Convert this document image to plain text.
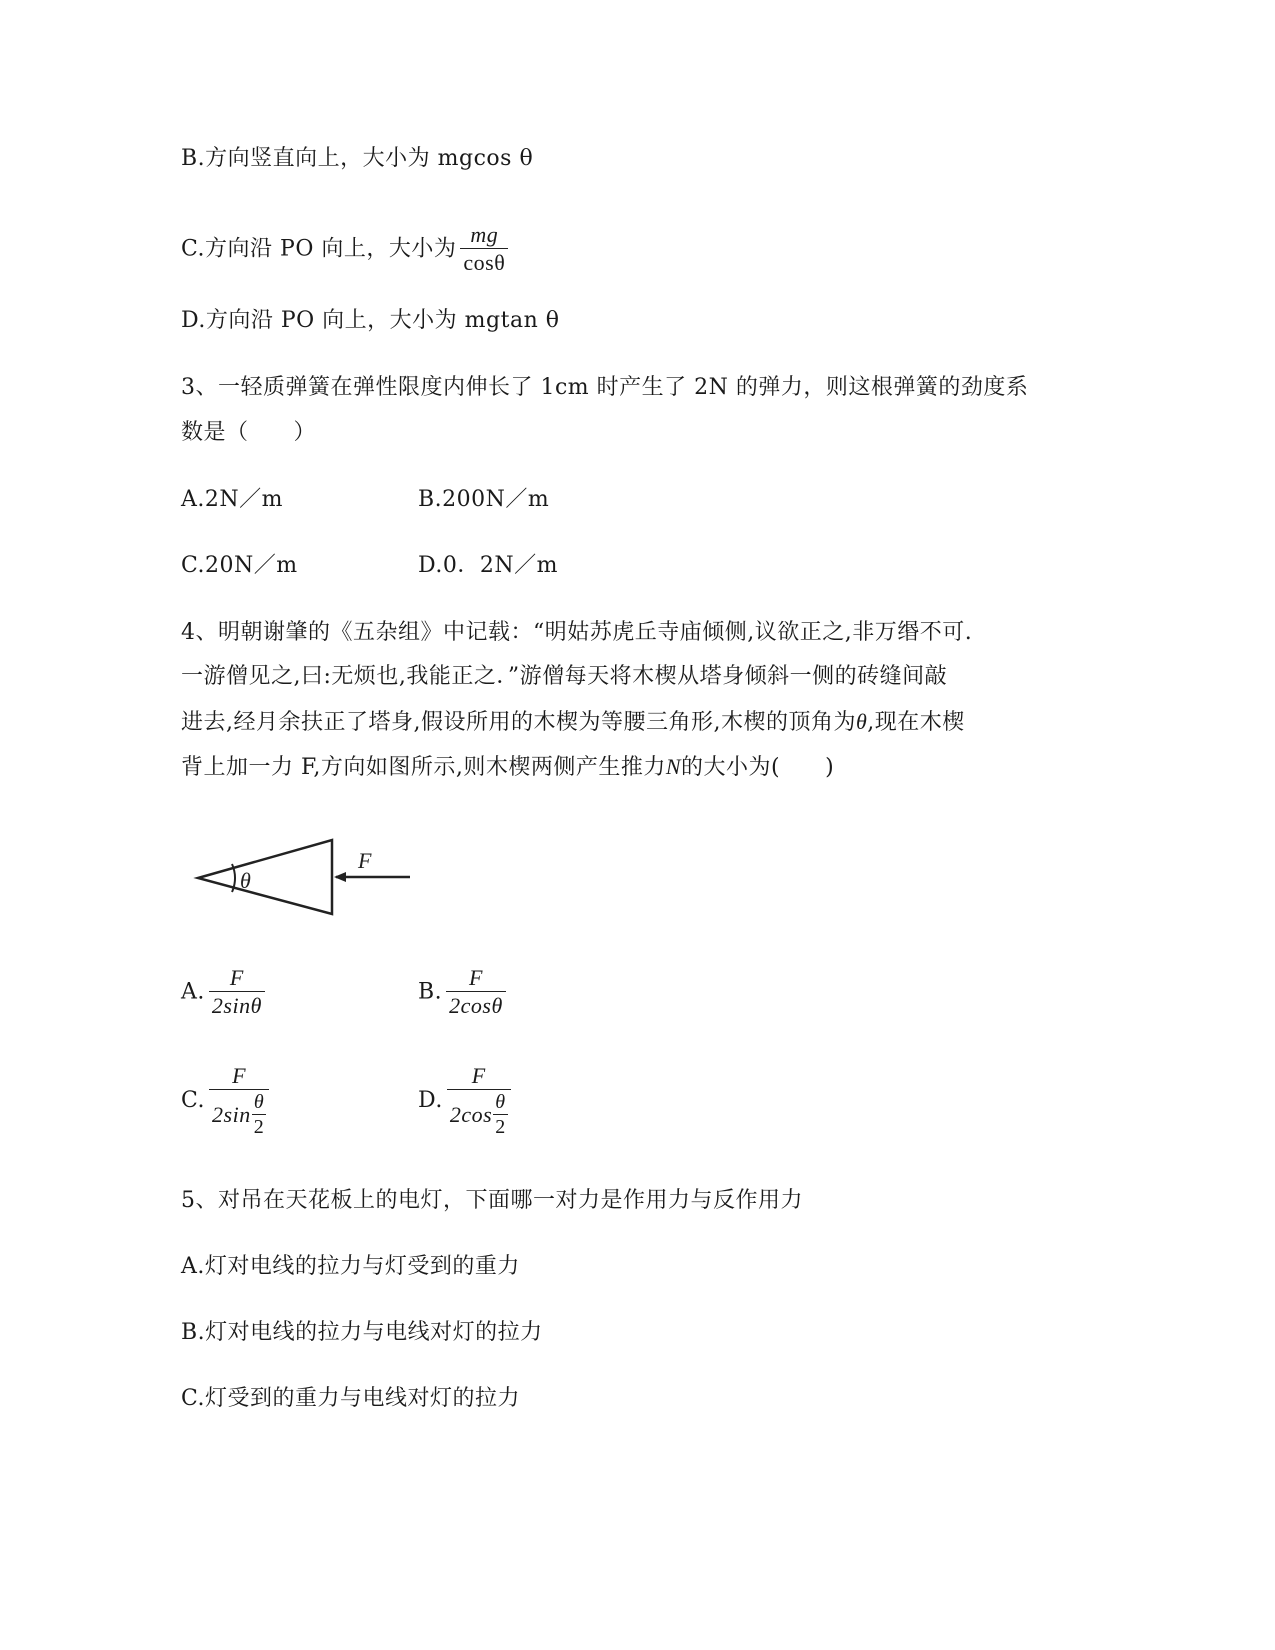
B.方向竖直向上，大小为 mgcos θ
C.方向沿 PO 向上，大小为 $\frac{mg}{\cos\theta}$
D.方向沿 PO 向上，大小为 mgtan θ
3、一轻质弹簧在弹性限度内伸长了 1cm 时产生了 2N 的弹力，则这根弹簧的劲度系
数是（　　）
A.2N／m	B.200N／m
C.20N／m	D.0．2N／m
4、明朝谢肇的《五杂组》中记载：“明姑苏虎丘寺庙倾侧,议欲正之,非万缗不可.
一游僧见之,曰:无烦也,我能正之．”游僧每天将木楔从塔身倾斜一侧的砖缝间敲
进去,经月余扶正了塔身,假设所用的木楔为等腰三角形,木楔的顶角为θ,现在木楔
背上加一力 F,方向如图所示,则木楔两侧产生推力N的大小为(　　)
θ
F
A. $\frac{F}{2\sin\theta}$	B. $\frac{F}{2\cos\theta}$
C. $\frac{F}{2\sin \frac{\theta}{2}}$	D. $\frac{F}{2\cos \frac{\theta}{2}}$
5、对吊在天花板上的电灯，下面哪一对力是作用力与反作用力
A.灯对电线的拉力与灯受到的重力
B.灯对电线的拉力与电线对灯的拉力
C.灯受到的重力与电线对灯的拉力
